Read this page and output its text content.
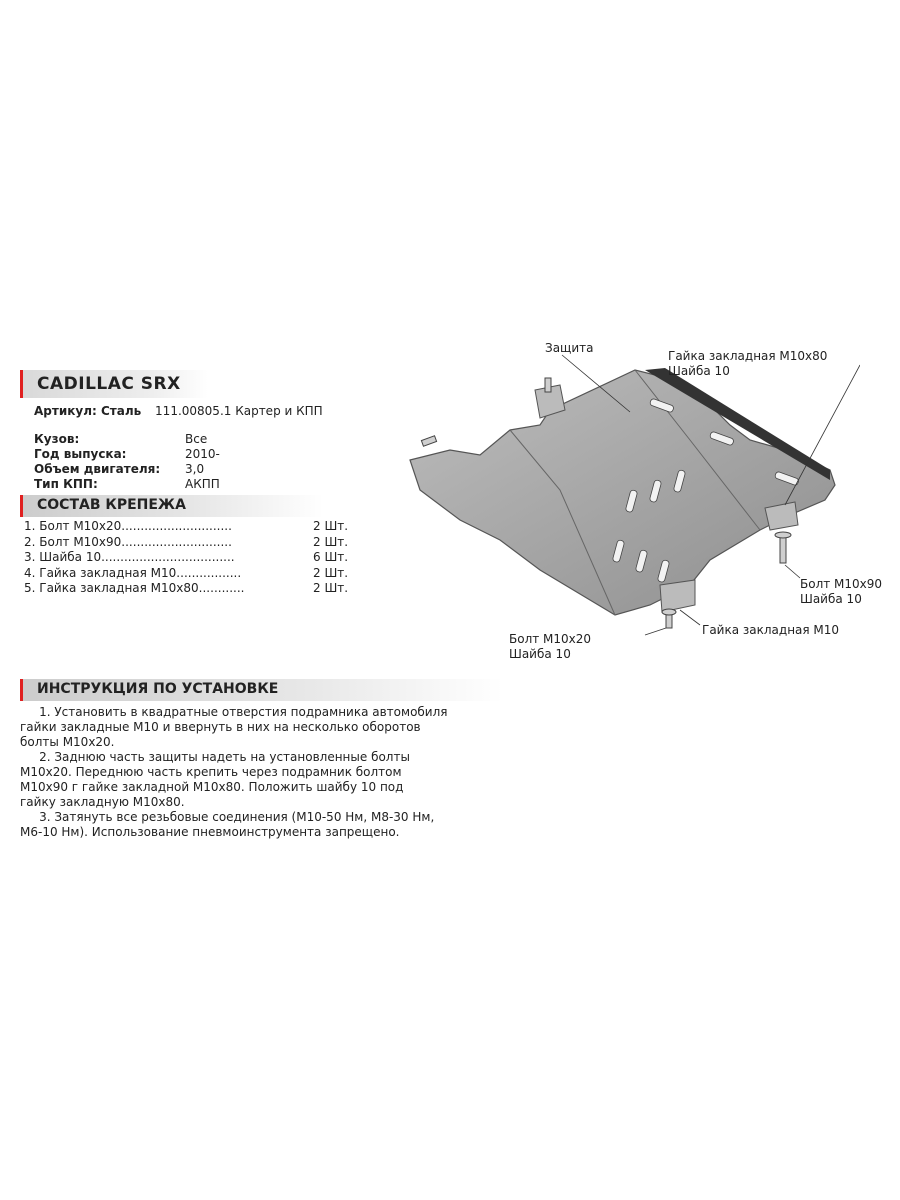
CADILLAC SRX
Артикул: Сталь 111.00805.1 Картер и КПП
Кузов:	Все
Год выпуска:	2010-
Объем двигателя: 3,0
Тип КПП:	АКПП
СОСТАВ КРЕПЕЖА
1. Болт М10х20.............................	2 Шт.
2. Болт М10х90.............................	2 Шт.
3. Шайба 10...................................	6 Шт.
4. Гайка закладная М10.................	2 Шт.
5. Гайка закладная М10х80............	2 Шт.
ИНСТРУКЦИЯ ПО УСТАНОВКЕ

1. Установить в квадратные отверстия подрамника автомобиля

гайки закладные М10 и ввернуть в них на несколько оборотов

болты М10х20.

2. Заднюю часть защиты надеть на установленные болты

М10х20. Переднюю часть крепить через подрамник болтом

М10х90 г гайке закладной М10х80. Положить шайбу 10 под

гайку закладную М10х80.

3. Затянуть все резьбовые соединения (М10-50 Нм, М8-30 Нм,

М6-10 Нм). Использование пневмоинструмента запрещено.

Защита
Гайка закладная М10х80
Шайба 10
Болт М10х90
Шайба 10
Гайка закладная М10
Болт М10х20
Шайба 10
